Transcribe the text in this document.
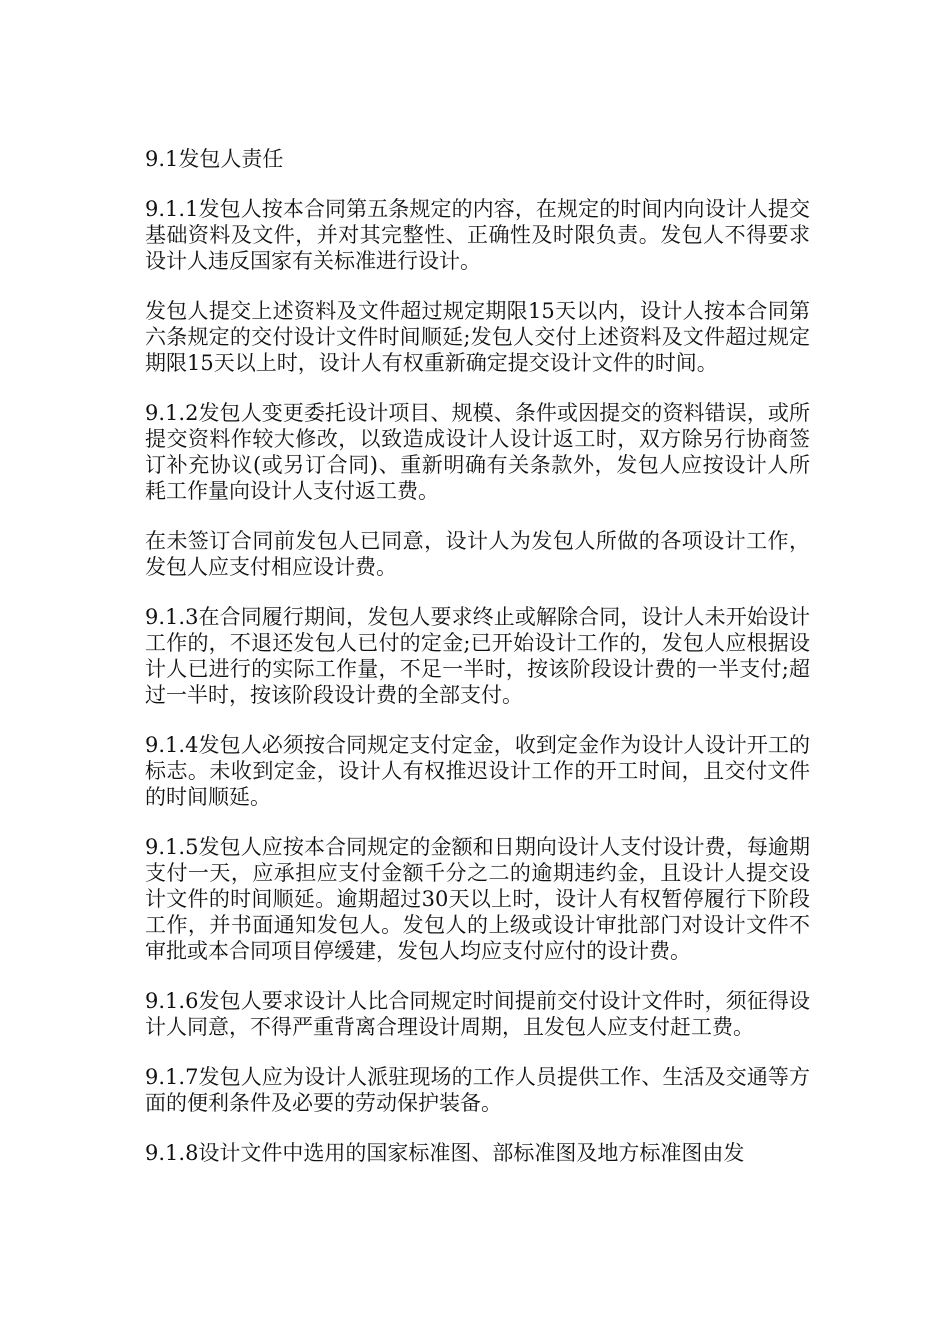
9.1发包人责任

9.1.1发包人按本合同第五条规定的内容，在规定的时间内向设计人提交基础资料及文件，并对其完整性、正确性及时限负责。发包人不得要求设计人违反国家有关标准进行设计。

发包人提交上述资料及文件超过规定期限15天以内，设计人按本合同第六条规定的交付设计文件时间顺延;发包人交付上述资料及文件超过规定期限15天以上时，设计人有权重新确定提交设计文件的时间。

9.1.2发包人变更委托设计项目、规模、条件或因提交的资料错误，或所提交资料作较大修改，以致造成设计人设计返工时，双方除另行协商签订补充协议(或另订合同)、重新明确有关条款外，发包人应按设计人所耗工作量向设计人支付返工费。

在未签订合同前发包人已同意，设计人为发包人所做的各项设计工作，发包人应支付相应设计费。

9.1.3在合同履行期间，发包人要求终止或解除合同，设计人未开始设计工作的，不退还发包人已付的定金;已开始设计工作的，发包人应根据设计人已进行的实际工作量，不足一半时，按该阶段设计费的一半支付;超过一半时，按该阶段设计费的全部支付。

9.1.4发包人必须按合同规定支付定金，收到定金作为设计人设计开工的标志。未收到定金，设计人有权推迟设计工作的开工时间，且交付文件的时间顺延。

9.1.5发包人应按本合同规定的金额和日期向设计人支付设计费，每逾期支付一天，应承担应支付金额千分之二的逾期违约金，且设计人提交设计文件的时间顺延。逾期超过30天以上时，设计人有权暂停履行下阶段工作，并书面通知发包人。发包人的上级或设计审批部门对设计文件不审批或本合同项目停缓建，发包人均应支付应付的设计费。

9.1.6发包人要求设计人比合同规定时间提前交付设计文件时，须征得设计人同意，不得严重背离合理设计周期，且发包人应支付赶工费。

9.1.7发包人应为设计人派驻现场的工作人员提供工作、生活及交通等方面的便利条件及必要的劳动保护装备。

9.1.8设计文件中选用的国家标准图、部标准图及地方标准图由发
